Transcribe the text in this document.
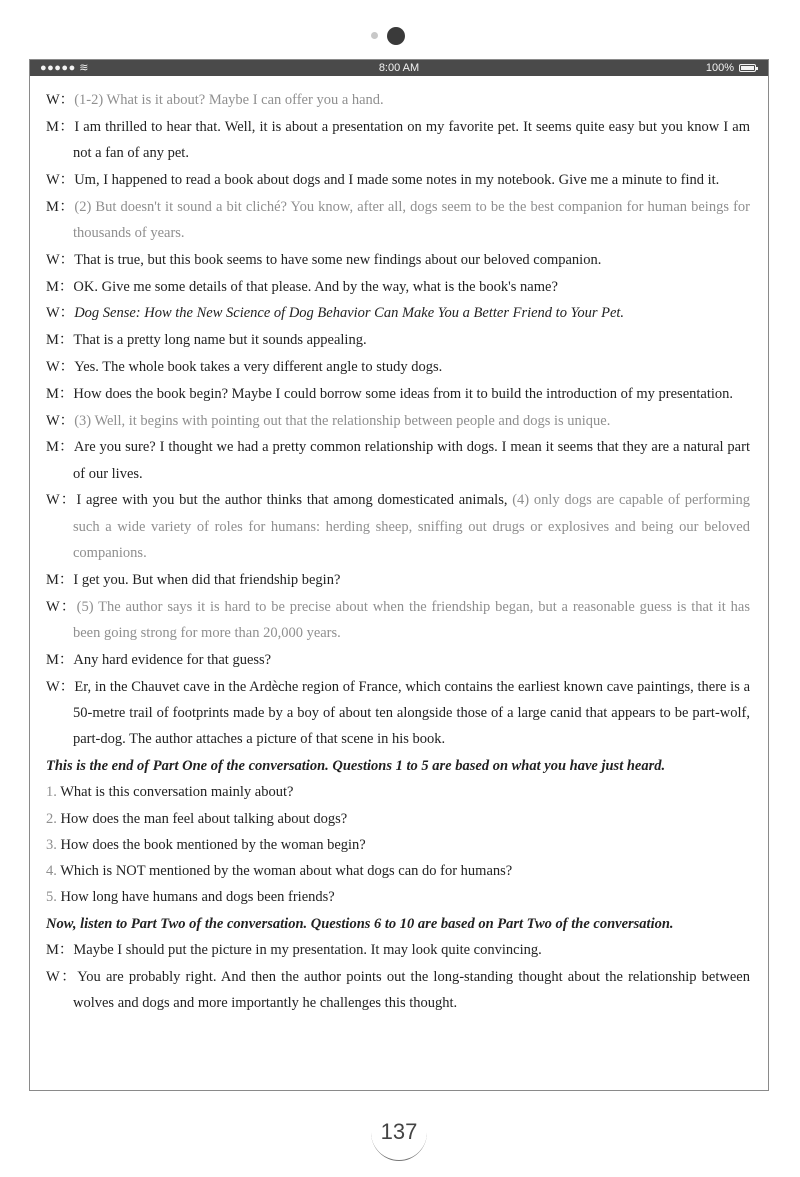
●●●●● ≋	8:00 AM	100%

W：(1-2) What is it about? Maybe I can offer you a hand.

M：I am thrilled to hear that. Well, it is about a presentation on my favorite pet. It seems quite easy but you know I am not a fan of any pet.

W：Um, I happened to read a book about dogs and I made some notes in my notebook. Give me a minute to find it.

M：(2) But doesn't it sound a bit cliché? You know, after all, dogs seem to be the best companion for human beings for thousands of years.

W：That is true, but this book seems to have some new findings about our beloved companion.

M：OK. Give me some details of that please. And by the way, what is the book's name?

W：Dog Sense: How the New Science of Dog Behavior Can Make You a Better Friend to Your Pet.

M：That is a pretty long name but it sounds appealing.

W：Yes. The whole book takes a very different angle to study dogs.

M：How does the book begin? Maybe I could borrow some ideas from it to build the introduction of my presentation.

W：(3) Well, it begins with pointing out that the relationship between people and dogs is unique.

M：Are you sure? I thought we had a pretty common relationship with dogs. I mean it seems that they are a natural part of our lives.

W：I agree with you but the author thinks that among domesticated animals, (4) only dogs are capable of performing such a wide variety of roles for humans: herding sheep, sniffing out drugs or explosives and being our beloved companions.

M：I get you. But when did that friendship begin?

W：(5) The author says it is hard to be precise about when the friendship began, but a reasonable guess is that it has been going strong for more than 20,000 years.

M：Any hard evidence for that guess?

W：Er, in the Chauvet cave in the Ardèche region of France, which contains the earliest known cave paintings, there is a 50-metre trail of footprints made by a boy of about ten alongside those of a large canid that appears to be part-wolf, part-dog. The author attaches a picture of that scene in his book.

This is the end of Part One of the conversation. Questions 1 to 5 are based on what you have just heard.

1. What is this conversation mainly about?

2. How does the man feel about talking about dogs?

3. How does the book mentioned by the woman begin?

4. Which is NOT mentioned by the woman about what dogs can do for humans?

5. How long have humans and dogs been friends?

Now, listen to Part Two of the conversation. Questions 6 to 10 are based on Part Two of the conversation.

M：Maybe I should put the picture in my presentation. It may look quite convincing.

W：You are probably right. And then the author points out the long-standing thought about the relationship between wolves and dogs and more importantly he challenges this thought.

137
